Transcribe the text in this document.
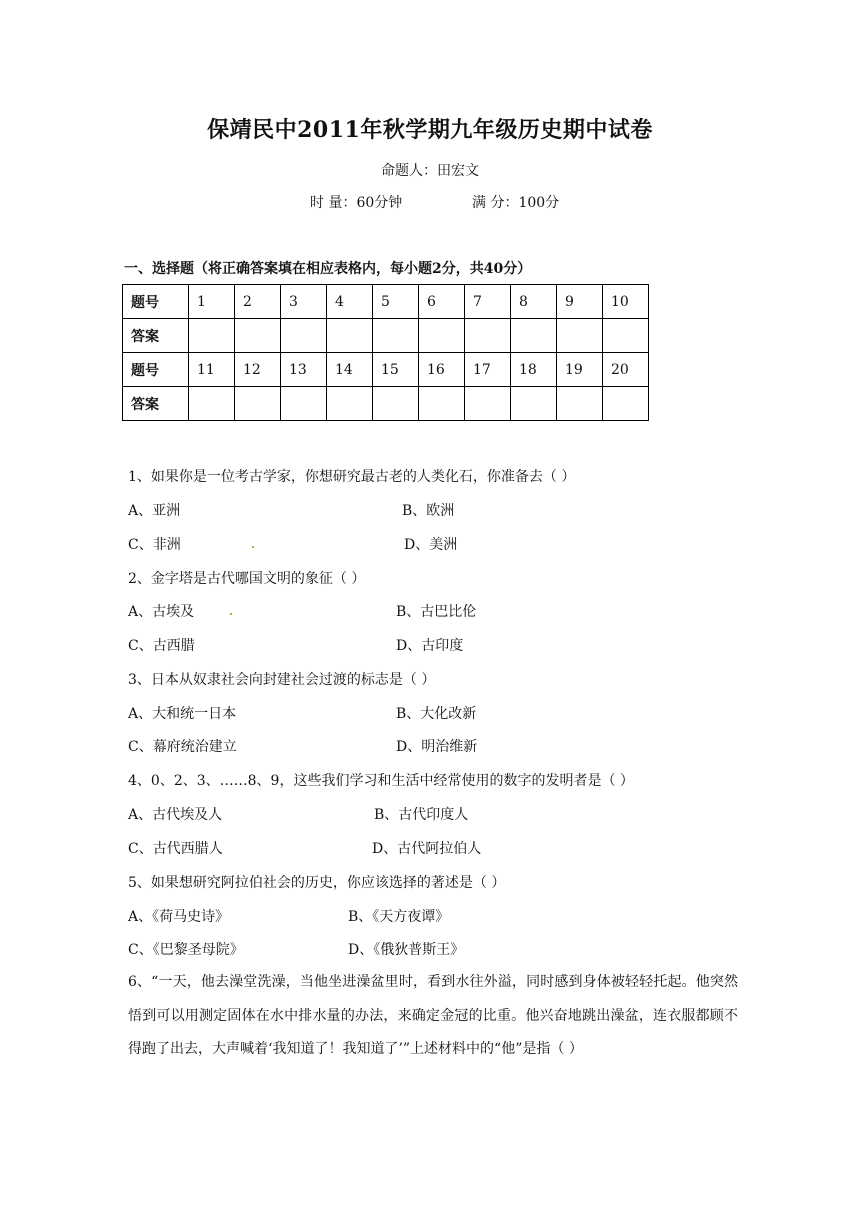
保靖民中2011年秋学期九年级历史期中试卷
命题人：田宏文
时 量：60分钟	满 分：100分
一、选择题（将正确答案填在相应表格内，每小题2分，共40分）
题号	1	2	3	4	5	6	7	8	9	10
答案										
题号	11	12	13	14	15	16	17	18	19	20
答案										
1、如果你是一位考古学家，你想研究最古老的人类化石，你准备去（ ）
A、亚洲	B、欧洲
C、非洲	D、美洲
2、金字塔是古代哪国文明的象征（ ）
A、古埃及	B、古巴比伦
C、古西腊	D、古印度
3、日本从奴隶社会向封建社会过渡的标志是（ ）
A、大和统一日本	B、大化改新
C、幕府统治建立	D、明治维新
4、0、2、3、……8、9，这些我们学习和生活中经常使用的数字的发明者是（ ）
A、古代埃及人	B、古代印度人
C、古代西腊人	D、古代阿拉伯人
5、如果想研究阿拉伯社会的历史，你应该选择的著述是（ ）
A、《荷马史诗》	B、《天方夜谭》
C、《巴黎圣母院》	D、《俄狄普斯王》
6、“一天，他去澡堂洗澡，当他坐进澡盆里时，看到水往外溢，同时感到身体被轻轻托起。他突然悟到可以用测定固体在水中排水量的办法，来确定金冠的比重。他兴奋地跳出澡盆，连衣服都顾不得跑了出去，大声喊着‘我知道了！我知道了’”上述材料中的“他”是指（ ）
